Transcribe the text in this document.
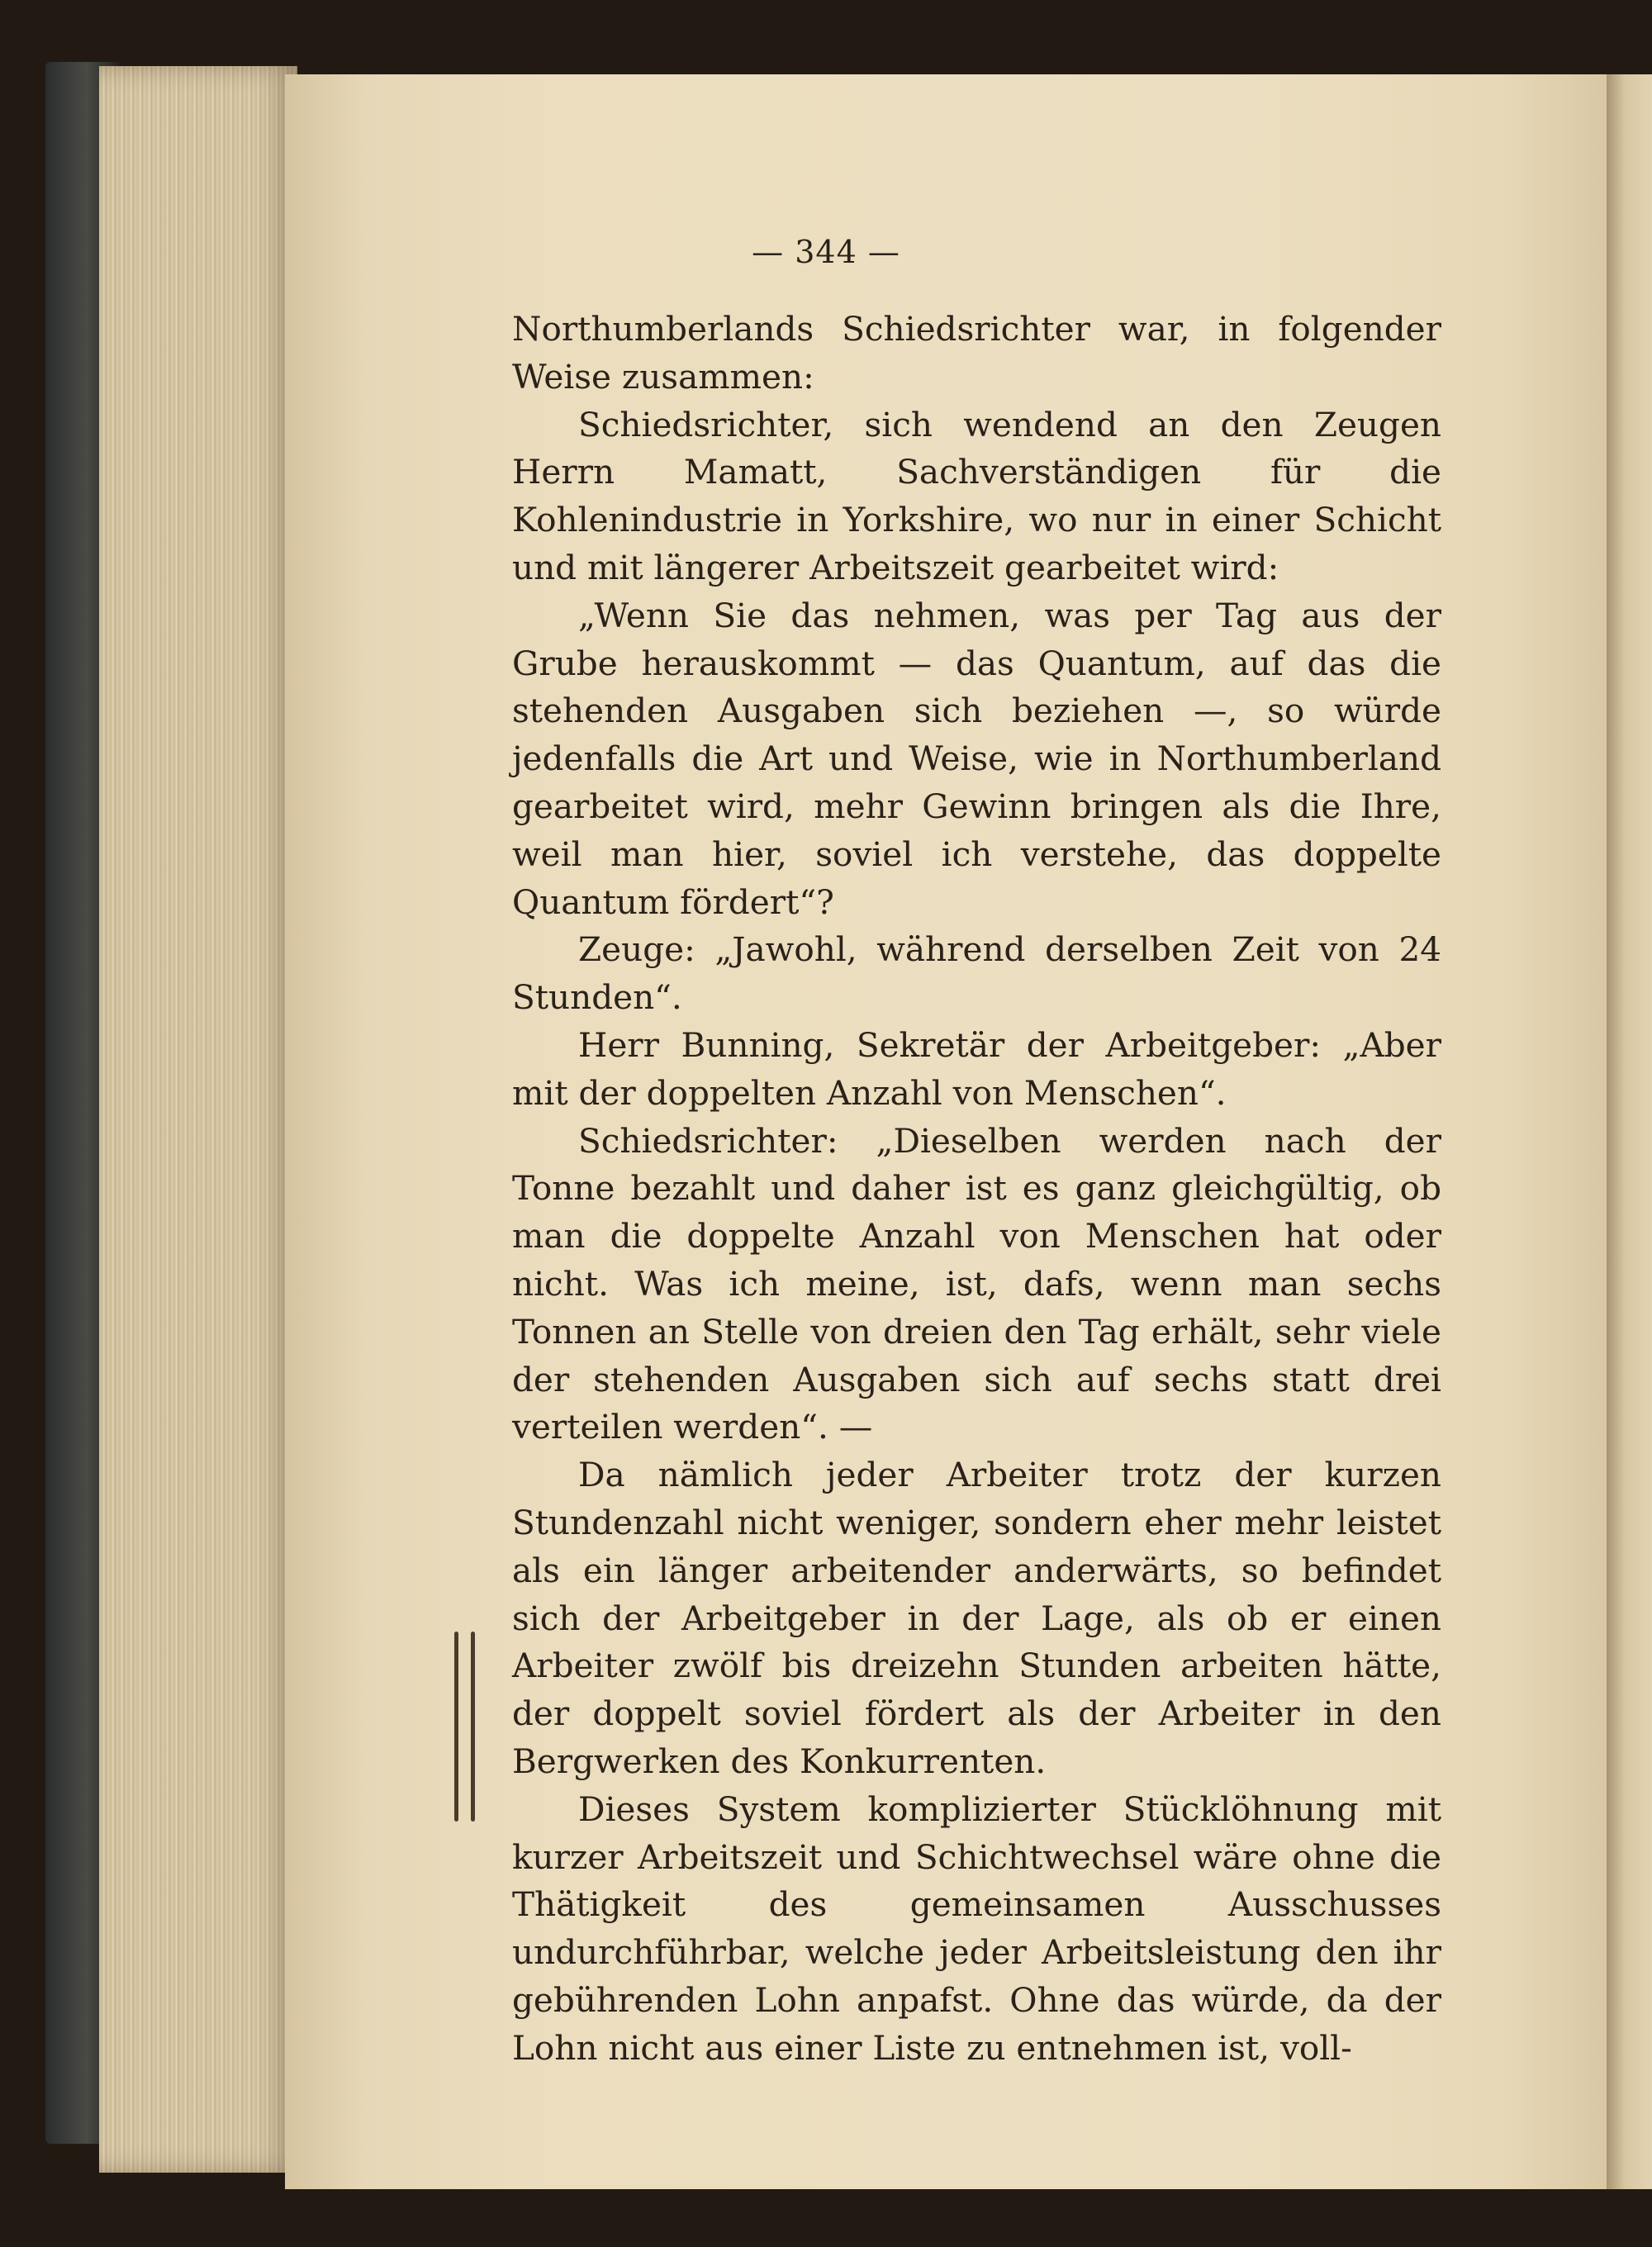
— 344 —

Northumberlands Schiedsrichter war, in folgender Weise zusammen:

Schiedsrichter, sich wendend an den Zeugen Herrn Mamatt, Sachverständigen für die Kohlenindustrie in Yorkshire, wo nur in einer Schicht und mit längerer Arbeitszeit gearbeitet wird:

„Wenn Sie das nehmen, was per Tag aus der Grube herauskommt — das Quantum, auf das die stehenden Ausgaben sich beziehen —, so würde jedenfalls die Art und Weise, wie in Northumberland gearbeitet wird, mehr Gewinn bringen als die Ihre, weil man hier, soviel ich verstehe, das doppelte Quantum fördert“?

Zeuge: „Jawohl, während derselben Zeit von 24 Stunden“.

Herr Bunning, Sekretär der Arbeitgeber: „Aber mit der doppelten Anzahl von Menschen“.

Schiedsrichter: „Dieselben werden nach der Tonne bezahlt und daher ist es ganz gleichgültig, ob man die doppelte Anzahl von Menschen hat oder nicht. Was ich meine, ist, dafs, wenn man sechs Tonnen an Stelle von dreien den Tag erhält, sehr viele der stehenden Ausgaben sich auf sechs statt drei verteilen werden“. —

Da nämlich jeder Arbeiter trotz der kurzen Stundenzahl nicht weniger, sondern eher mehr leistet als ein länger arbeitender anderwärts, so befindet sich der Arbeitgeber in der Lage, als ob er einen Arbeiter zwölf bis dreizehn Stunden arbeiten hätte, der doppelt soviel fördert als der Arbeiter in den Bergwerken des Konkurrenten.

Dieses System komplizierter Stücklöhnung mit kurzer Arbeitszeit und Schichtwechsel wäre ohne die Thätigkeit des gemeinsamen Ausschusses undurchführbar, welche jeder Arbeitsleistung den ihr gebührenden Lohn anpafst. Ohne das würde, da der Lohn nicht aus einer Liste zu entnehmen ist, voll-
